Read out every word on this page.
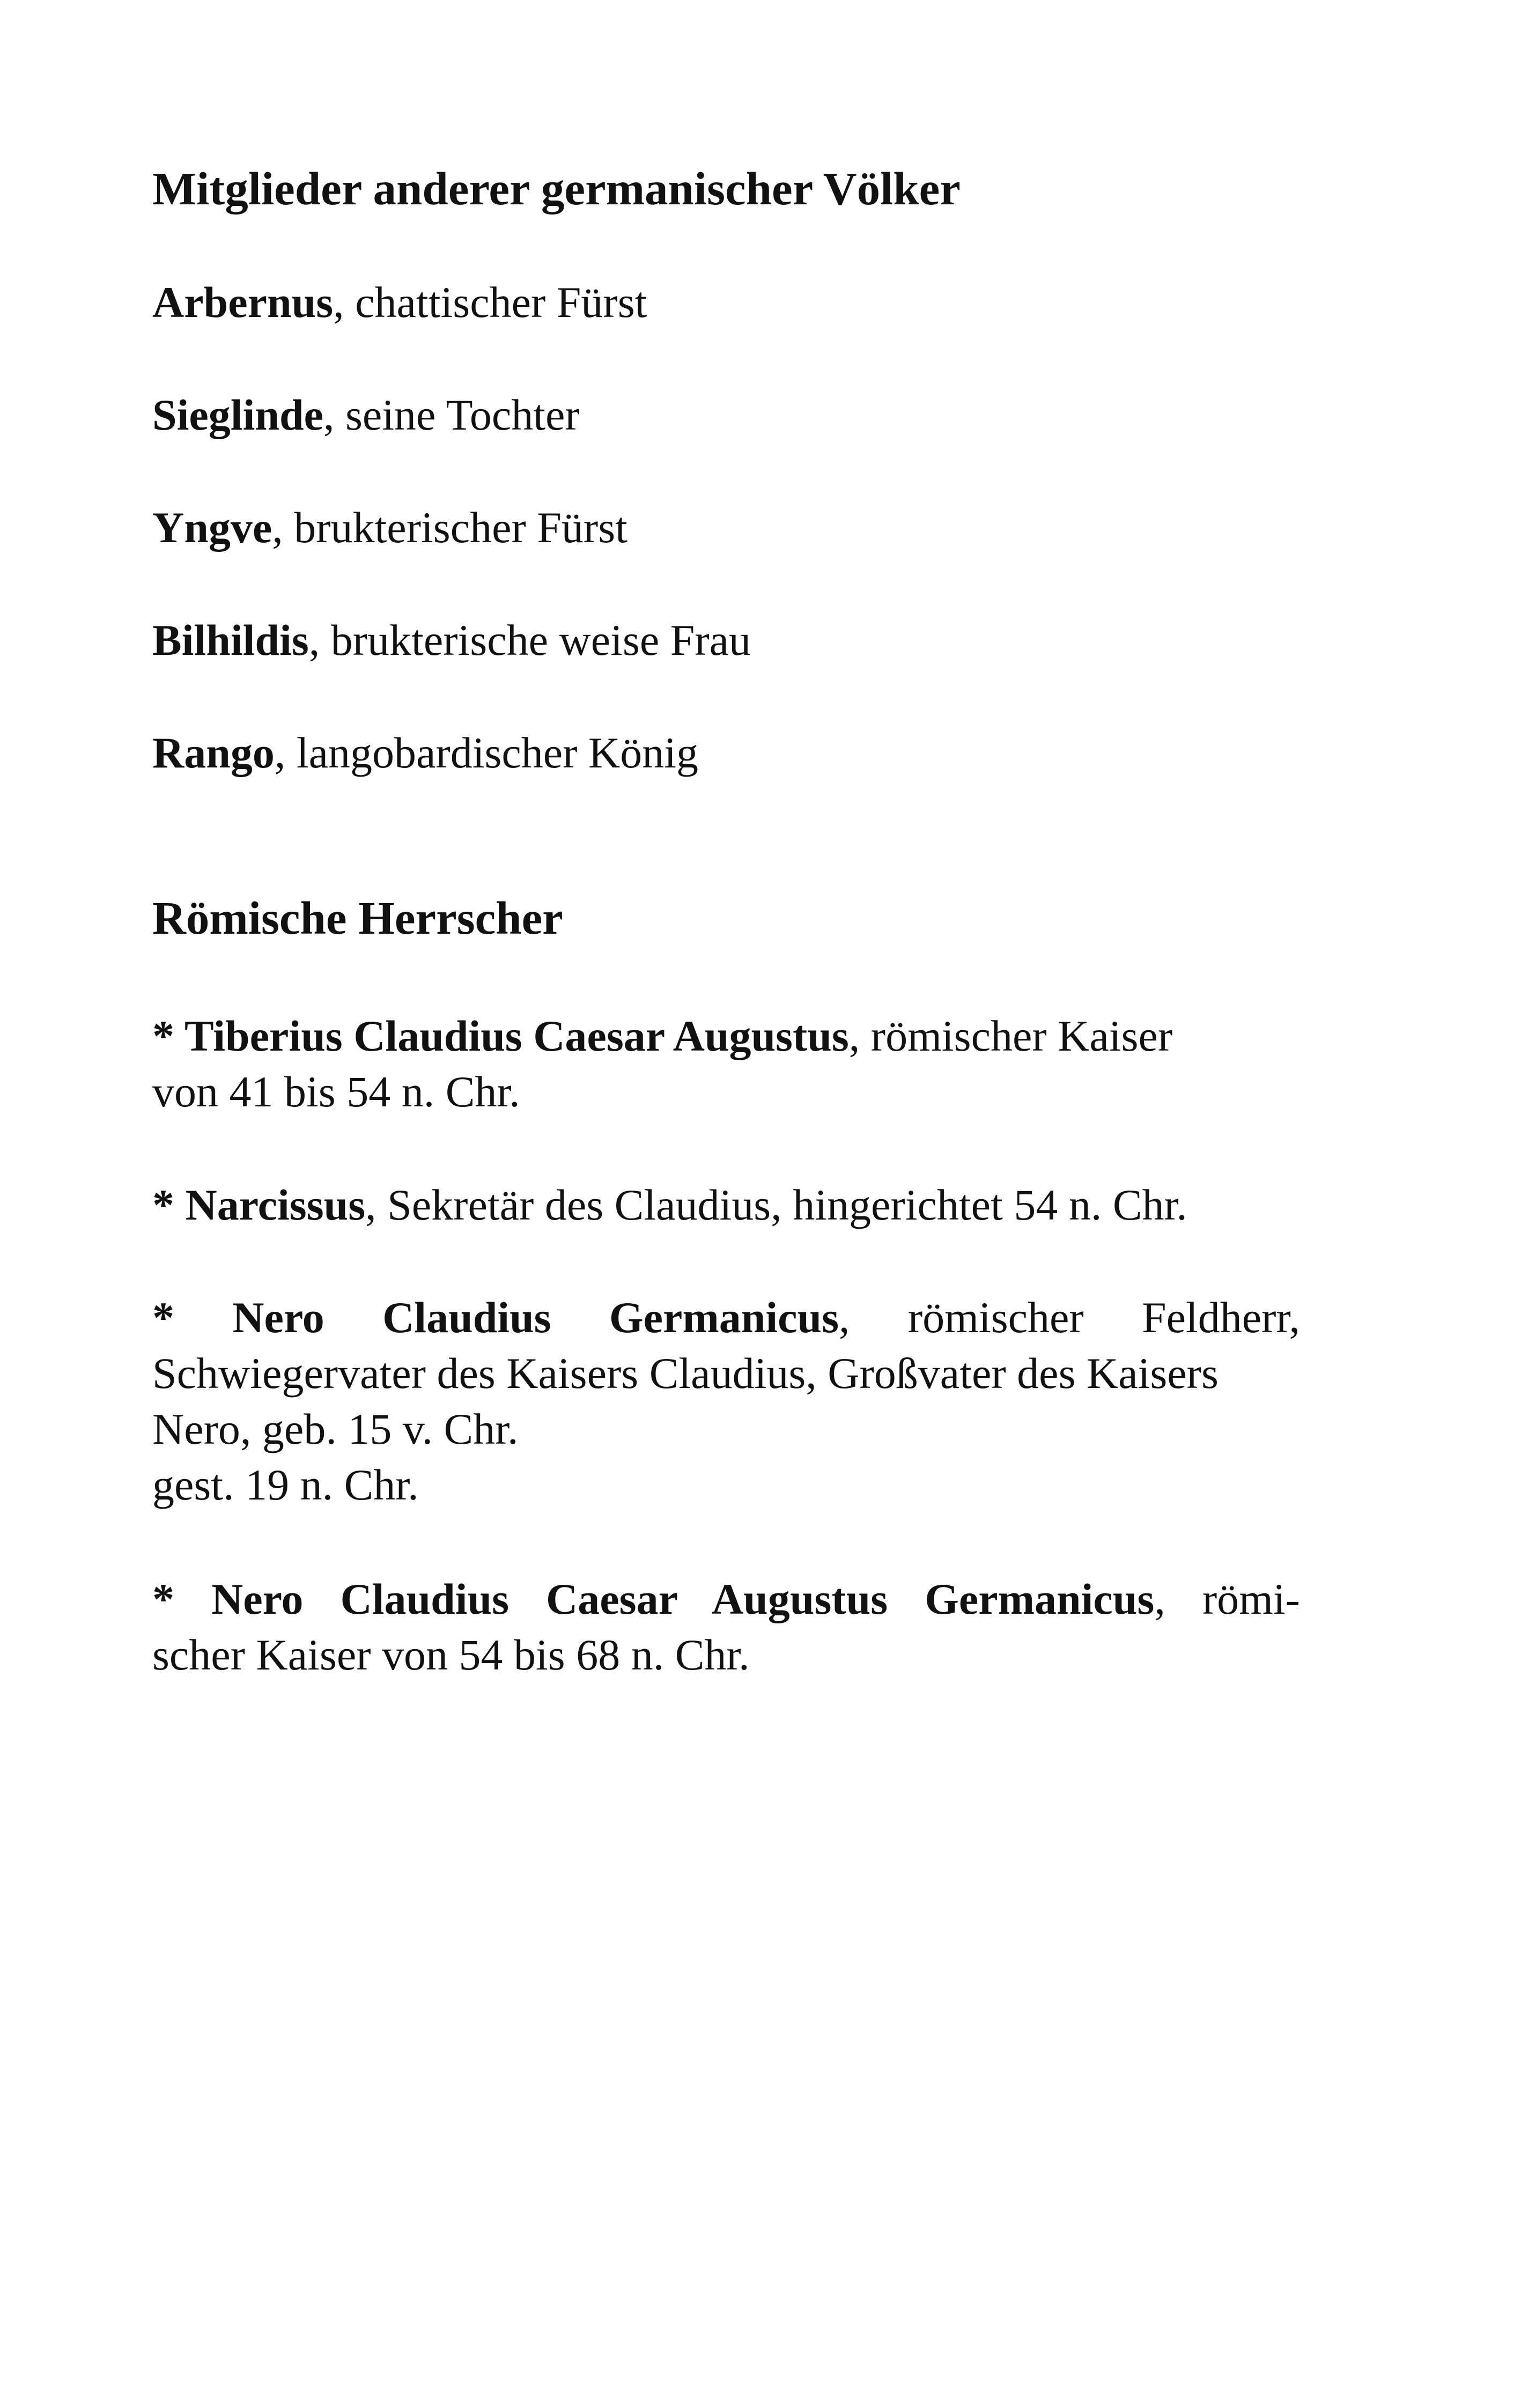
Mitglieder anderer germanischer Völker
Arbernus, chattischer Fürst
Sieglinde, seine Tochter
Yngve, brukterischer Fürst
Bilhildis, brukterische weise Frau
Rango, langobardischer König
Römische Herrscher
* Tiberius Claudius Caesar Augustus, römischer Kaiser
von 41 bis 54 n. Chr.
* Narcissus, Sekretär des Claudius, hingerichtet 54 n. Chr.
* Nero Claudius Germanicus, römischer Feldherr,
Schwiegervater des Kaisers Claudius, Großvater des Kaisers
Nero, geb. 15 v. Chr.
gest. 19 n. Chr.
* Nero Claudius Caesar Augustus Germanicus, römi-
scher Kaiser von 54 bis 68 n. Chr.
